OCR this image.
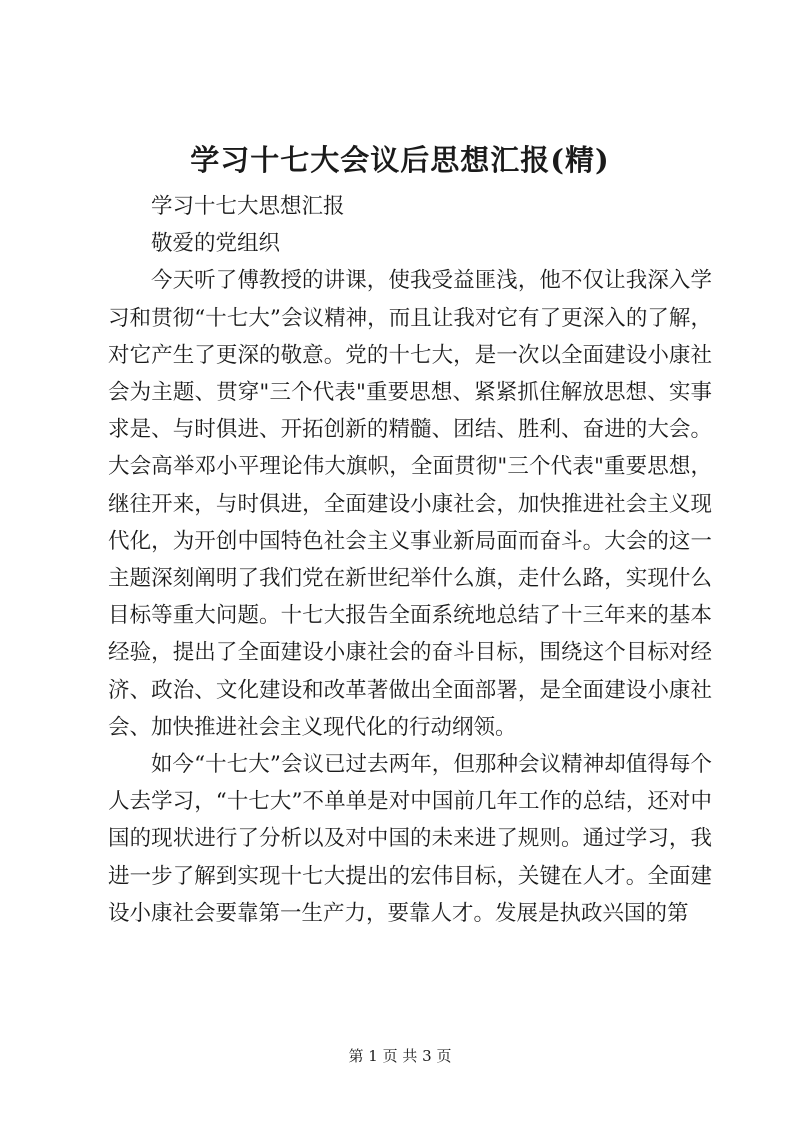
学习十七大会议后思想汇报(精)

学习十七大思想汇报

敬爱的党组织

今天听了傅教授的讲课，使我受益匪浅，他不仅让我深入学习和贯彻“十七大”会议精神，而且让我对它有了更深入的了解，对它产生了更深的敬意。党的十七大，是一次以全面建设小康社会为主题、贯穿"三个代表"重要思想、紧紧抓住解放思想、实事求是、与时俱进、开拓创新的精髓、团结、胜利、奋进的大会。大会高举邓小平理论伟大旗帜，全面贯彻"三个代表"重要思想，继往开来，与时俱进，全面建设小康社会，加快推进社会主义现代化，为开创中国特色社会主义事业新局面而奋斗。大会的这一主题深刻阐明了我们党在新世纪举什么旗，走什么路，实现什么目标等重大问题。十七大报告全面系统地总结了十三年来的基本经验，提出了全面建设小康社会的奋斗目标，围绕这个目标对经济、政治、文化建设和改革著做出全面部署，是全面建设小康社会、加快推进社会主义现代化的行动纲领。

如今“十七大”会议已过去两年，但那种会议精神却值得每个人去学习，“十七大”不单单是对中国前几年工作的总结，还对中国的现状进行了分析以及对中国的未来进了规则。通过学习，我进一步了解到实现十七大提出的宏伟目标，关键在人才。全面建设小康社会要靠第一生产力，要靠人才。发展是执政兴国的第

第 1 页 共 3 页
